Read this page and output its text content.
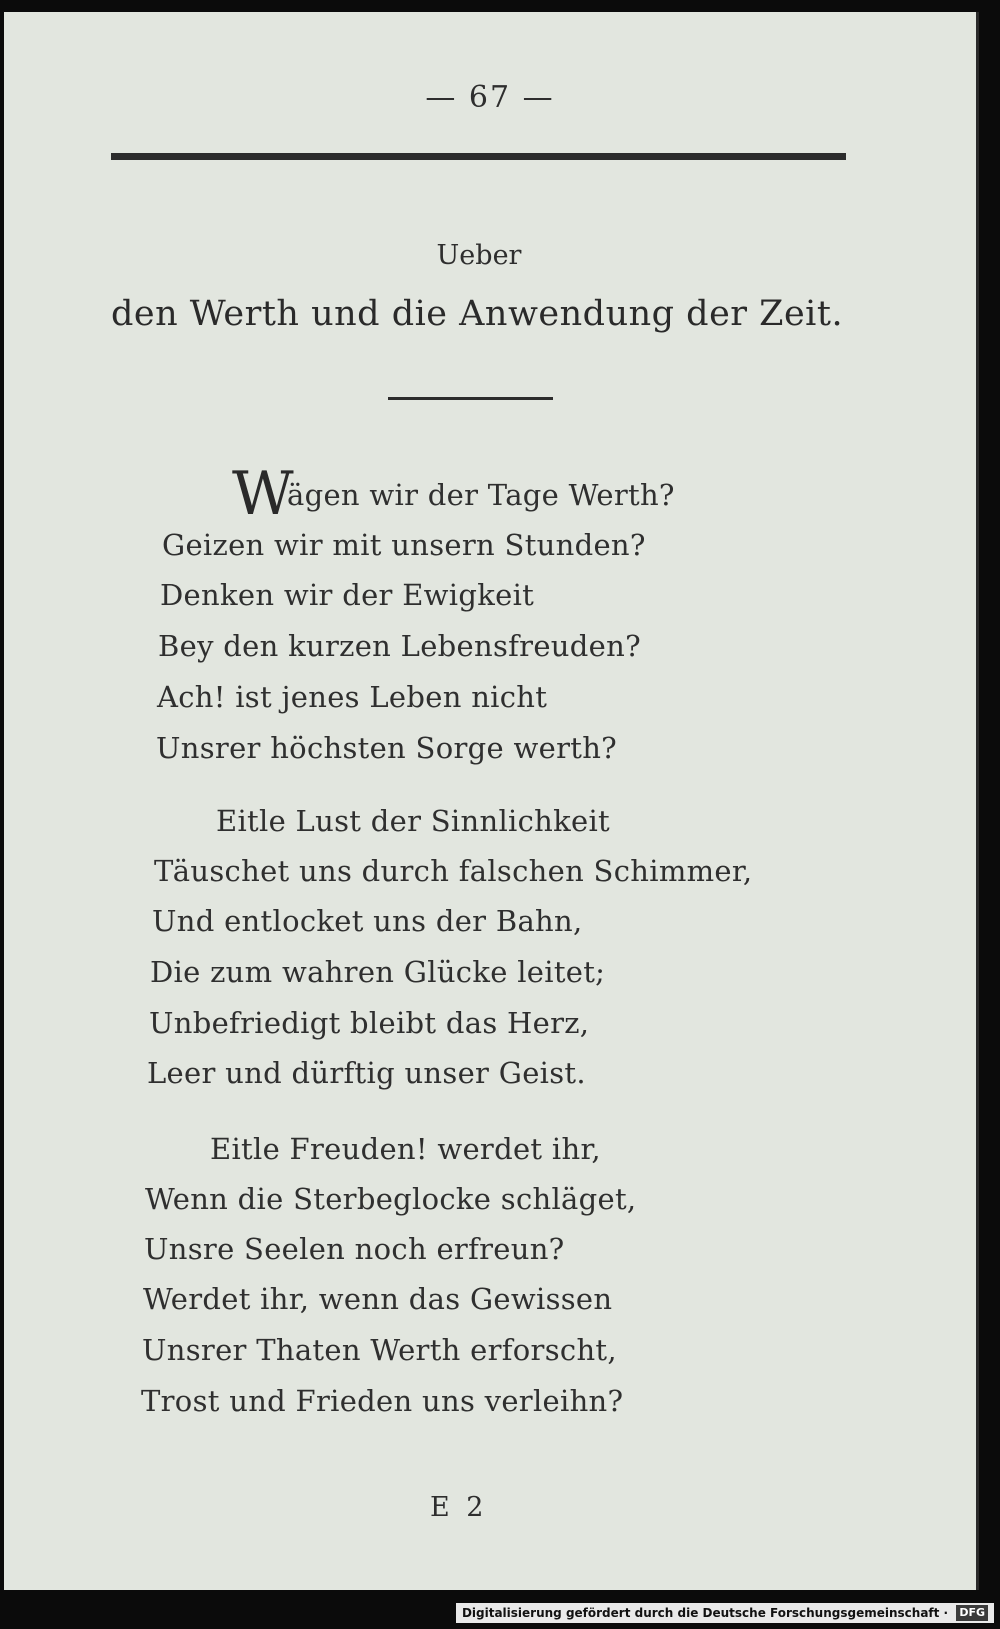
— 67 —
Ueber
den Werth und die Anwendung der Zeit.
W
ägen wir der Tage Werth?
Geizen wir mit unsern Stunden?
Denken wir der Ewigkeit
Bey den kurzen Lebensfreuden?
Ach! ist jenes Leben nicht
Unsrer höchsten Sorge werth?
Eitle Lust der Sinnlichkeit
Täuschet uns durch falschen Schimmer,
Und entlocket uns der Bahn,
Die zum wahren Glücke leitet;
Unbefriedigt bleibt das Herz,
Leer und dürftig unser Geist.
Eitle Freuden! werdet ihr,
Wenn die Sterbeglocke schläget,
Unsre Seelen noch erfreun?
Werdet ihr, wenn das Gewissen
Unsrer Thaten Werth erforscht,
Trost und Frieden uns verleihn?
E 2
Digitalisierung gefördert durch die Deutsche Forschungsgemeinschaft · DFG
